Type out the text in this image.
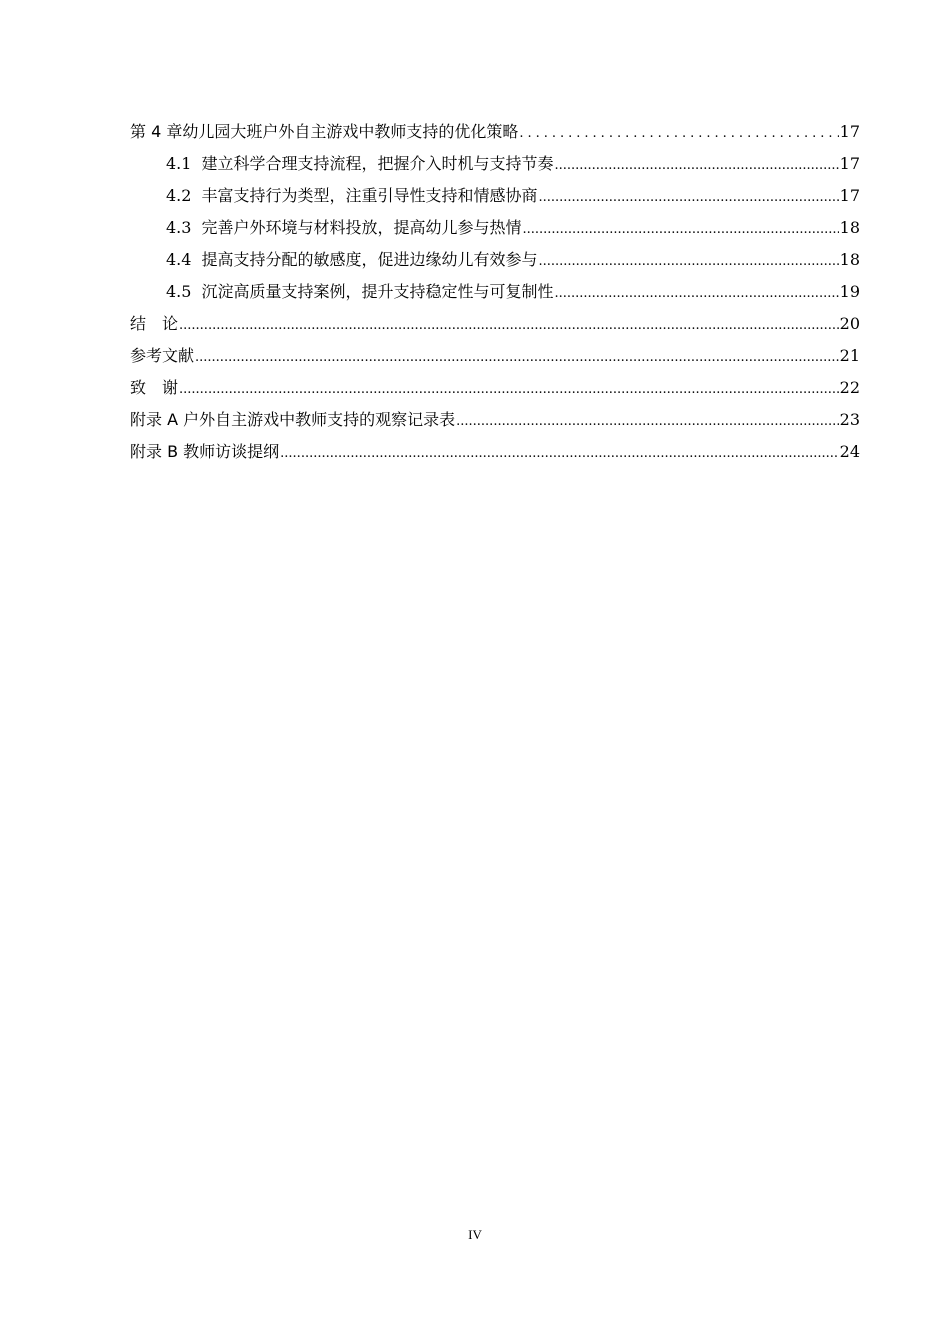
第 4 章幼儿园大班户外自主游戏中教师支持的优化策略 .....	17
4.1 建立科学合理支持流程，把握介入时机与支持节奏 .....	17
4.2 丰富支持行为类型，注重引导性支持和情感协商 .....	17
4.3 完善户外环境与材料投放，提高幼儿参与热情 .....	18
4.4 提高支持分配的敏感度，促进边缘幼儿有效参与 .....	18
4.5 沉淀高质量支持案例，提升支持稳定性与可复制性 .....	19
结　论 .....	20
参考文献 .....	21
致　谢 .....	22
附录 A 户外自主游戏中教师支持的观察记录表 .....	23
附录 B 教师访谈提纲 .....	24
IV
